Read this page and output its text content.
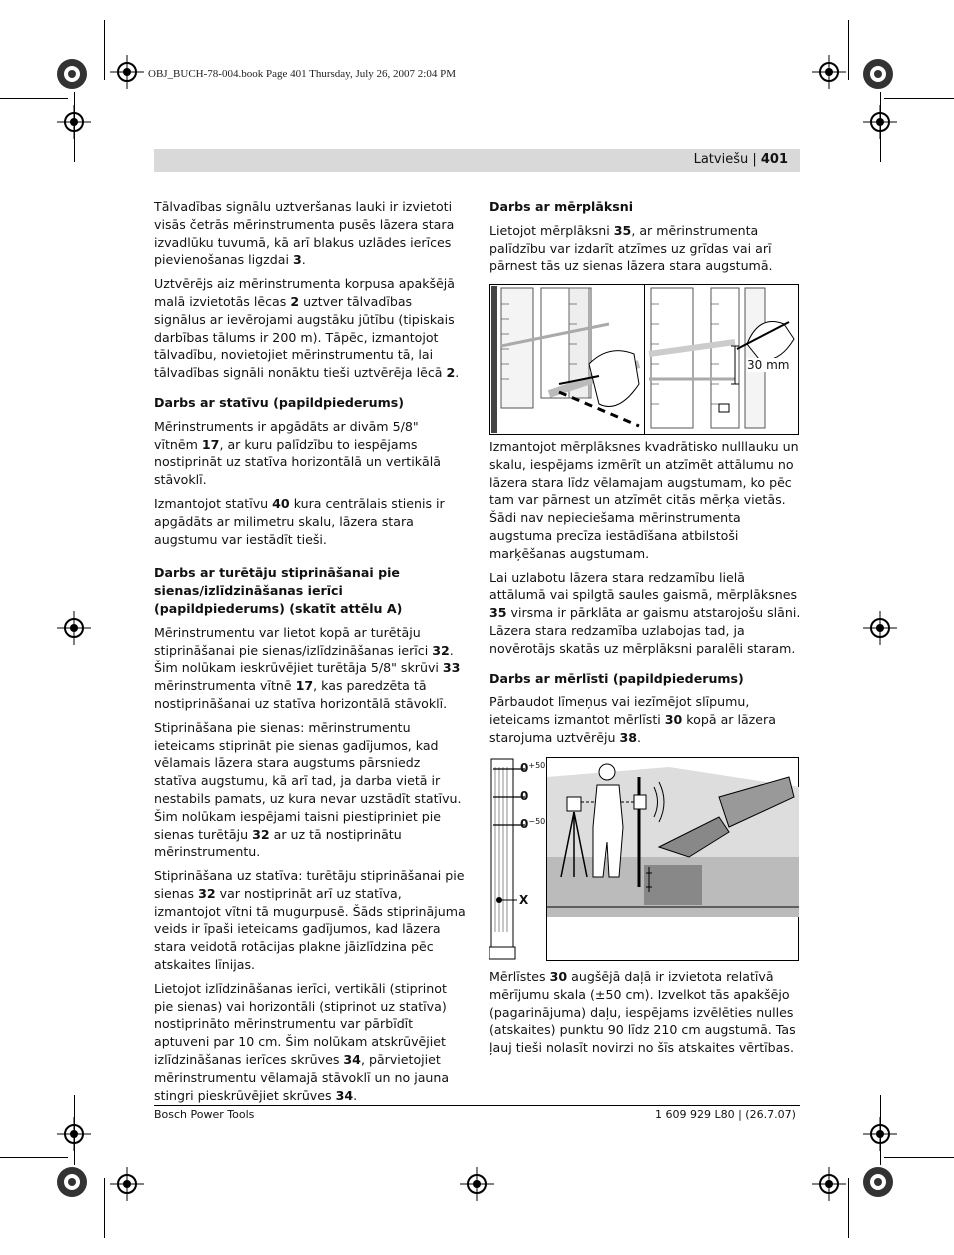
OBJ_BUCH-78-004.book Page 401 Thursday, July 26, 2007 2:04 PM
Latviešu | 401

Tālvadības signālu uztveršanas lauki ir izvietoti visās četrās mērinstrumenta pusēs lāzera stara izvadlūku tuvumā, kā arī blakus uzlādes ierīces pievienošanas ligzdai 3.

Uztvērējs aiz mērinstrumenta korpusa apakšējā malā izvietotās lēcas 2 uztver tālvadības signālus ar ievērojami augstāku jūtību (tipiskais darbības tālums ir 200 m). Tāpēc, izmantojot tālvadību, novietojiet mērinstrumentu tā, lai tālvadības signāli nonāktu tieši uztvērēja lēcā 2.

Darbs ar statīvu (papildpiederums)

Mērinstruments ir apgādāts ar divām 5/8" vītnēm 17, ar kuru palīdzību to iespējams nostiprināt uz statīva horizontālā un vertikālā stāvoklī.

Izmantojot statīvu 40 kura centrālais stienis ir apgādāts ar milimetru skalu, lāzera stara augstumu var iestādīt tieši.

Darbs ar turētāju stiprināšanai pie sienas/izlīdzināšanas ierīci (papildpiederums) (skatīt attēlu A)

Mērinstrumentu var lietot kopā ar turētāju stiprināšanai pie sienas/izlīdzināšanas ierīci 32. Šim nolūkam ieskrūvējiet turētāja 5/8" skrūvi 33 mērinstrumenta vītnē 17, kas paredzēta tā nostiprināšanai uz statīva horizontālā stāvoklī.

Stiprināšana pie sienas: mērinstrumentu ieteicams stiprināt pie sienas gadījumos, kad vēlamais lāzera stara augstums pārsniedz statīva augstumu, kā arī tad, ja darba vietā ir nestabils pamats, uz kura nevar uzstādīt statīvu. Šim nolūkam iespējami taisni piestipriniet pie sienas turētāju 32 ar uz tā nostiprinātu mērinstrumentu.

Stiprināšana uz statīva: turētāju stiprināšanai pie sienas 32 var nostiprināt arī uz statīva, izmantojot vītni tā mugurpusē. Šāds stiprinājuma veids ir īpaši ieteicams gadījumos, kad lāzera stara veidotā rotācijas plakne jāizlīdzina pēc atskaites līnijas.

Lietojot izlīdzināšanas ierīci, vertikāli (stiprinot pie sienas) vai horizontāli (stiprinot uz statīva) nostiprināto mērinstrumentu var pārbīdīt aptuveni par 10 cm. Šim nolūkam atskrūvējiet izlīdzināšanas ierīces skrūves 34, pārvietojiet mērinstrumentu vēlamajā stāvoklī un no jauna stingri pieskrūvējiet skrūves 34.

Darbs ar mērplāksni

Lietojot mērplāksni 35, ar mērinstrumenta palīdzību var izdarīt atzīmes uz grīdas vai arī pārnest tās uz sienas lāzera stara augstumā.

30 mm

Izmantojot mērplāksnes kvadrātisko nulllauku un skalu, iespējams izmērīt un atzīmēt attālumu no lāzera stara līdz vēlamajam augstumam, ko pēc tam var pārnest un atzīmēt citās mērķa vietās. Šādi nav nepieciešama mērinstrumenta augstuma precīza iestādīšana atbilstoši marķēšanas augstumam.

Lai uzlabotu lāzera stara redzamību lielā attālumā vai spilgtā saules gaismā, mērplāksnes 35 virsma ir pārklāta ar gaismu atstarojošu slāni. Lāzera stara redzamība uzlabojas tad, ja novērotājs skatās uz mērplāksni paralēli staram.

Darbs ar mērlīsti (papildpiederums)

Pārbaudot līmeņus vai iezīmējot slīpumu, ieteicams izmantot mērlīsti 30 kopā ar lāzera starojuma uztvērēju 38.

$0^{+50}$
0
$0^{-50}$
X

Mērlīstes 30 augšējā daļā ir izvietota relatīvā mērījumu skala (±50 cm). Izvelkot tās apakšējo (pagarinājuma) daļu, iespējams izvēlēties nulles (atskaites) punktu 90 līdz 210 cm augstumā. Tas ļauj tieši nolasīt novirzi no šīs atskaites vērtības.

Bosch Power Tools	1 609 929 L80 | (26.7.07)
